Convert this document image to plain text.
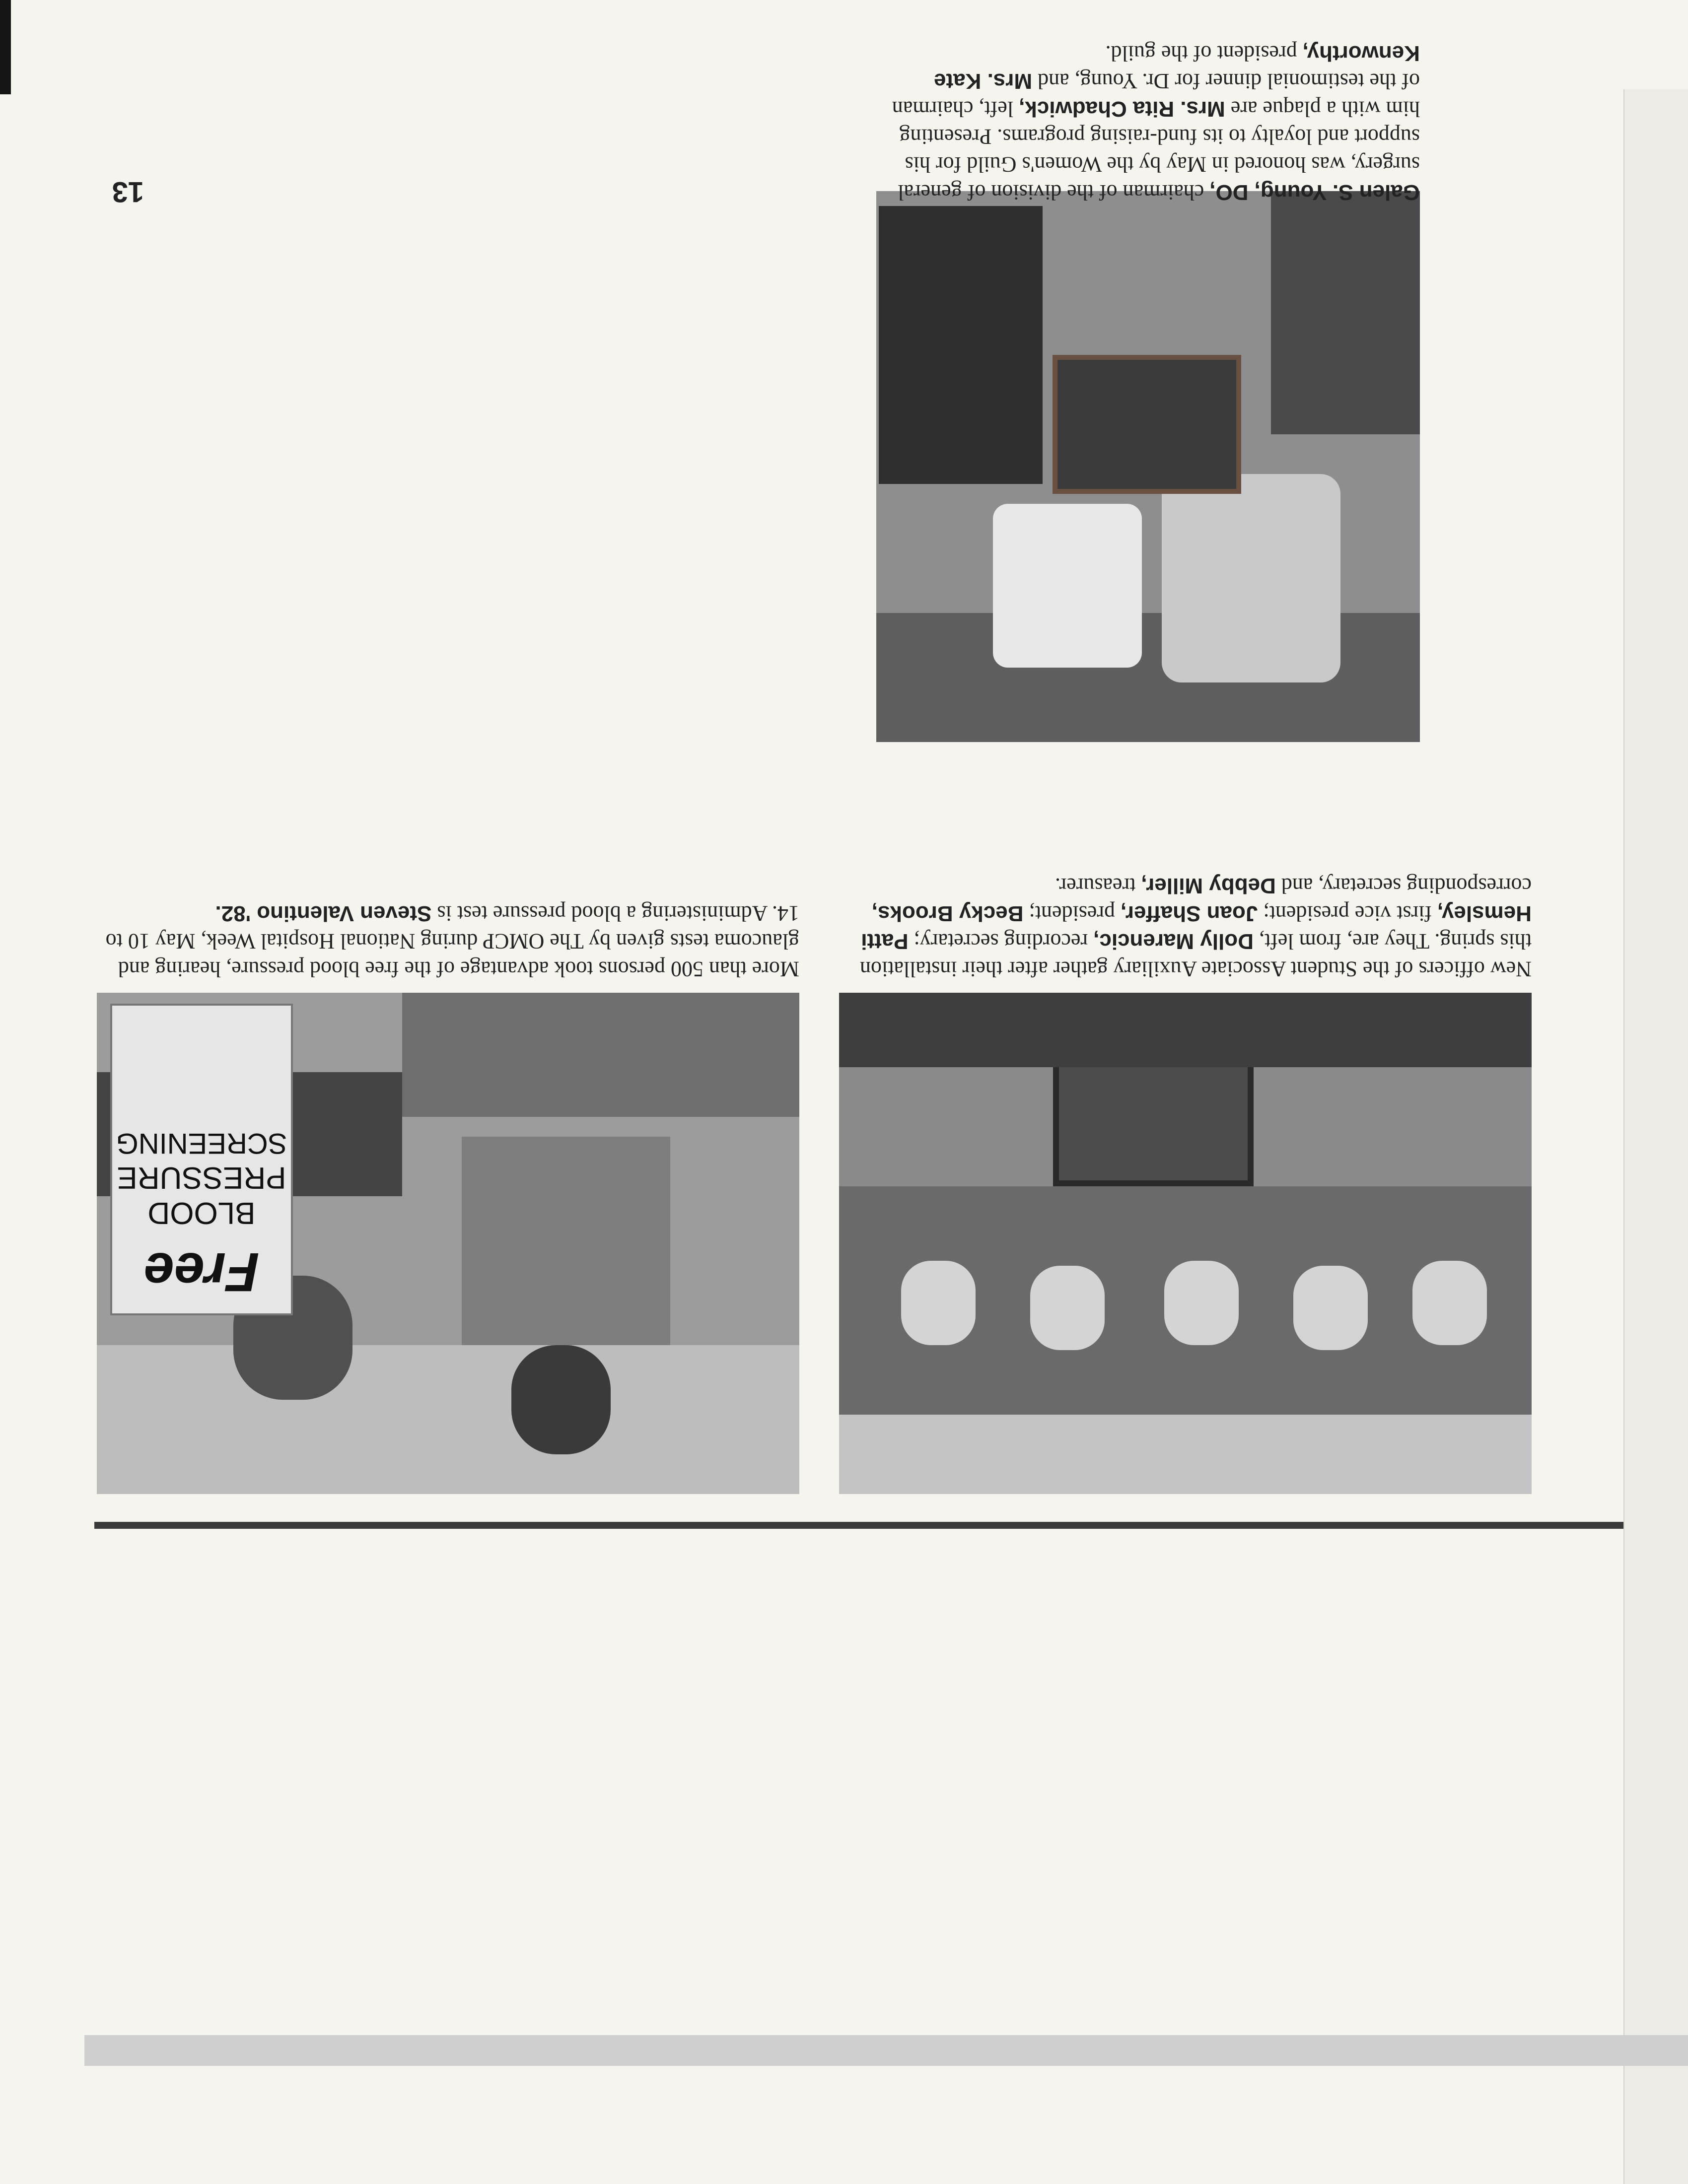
13	Galen S. Young, DO, chairman of the division of general surgery, was honored in May by the Women's Guild for his support and loyalty to its fund-raising programs. Presenting him with a plaque are Mrs. Rita Chadwick, left, chairman of the testimonial dinner for Dr. Young, and Mrs. Kate Kenworthy, president of the guild.
New officers of the Student Associate Auxiliary gather after their installation this spring. They are, from left, Dolly Marencic, recording secretary; Patti Hemsley, first vice president; Joan Shaffer, president; Becky Brooks, corresponding secretary, and Debby Miller, treasurer.
Free
BLOOD
PRESSURE
SCREENING
More than 500 persons took advantage of the free blood pressure, hearing and glaucoma tests given by The OMCP during National Hospital Week, May 10 to 14. Administering a blood pressure test is Steven Valentino '82.
